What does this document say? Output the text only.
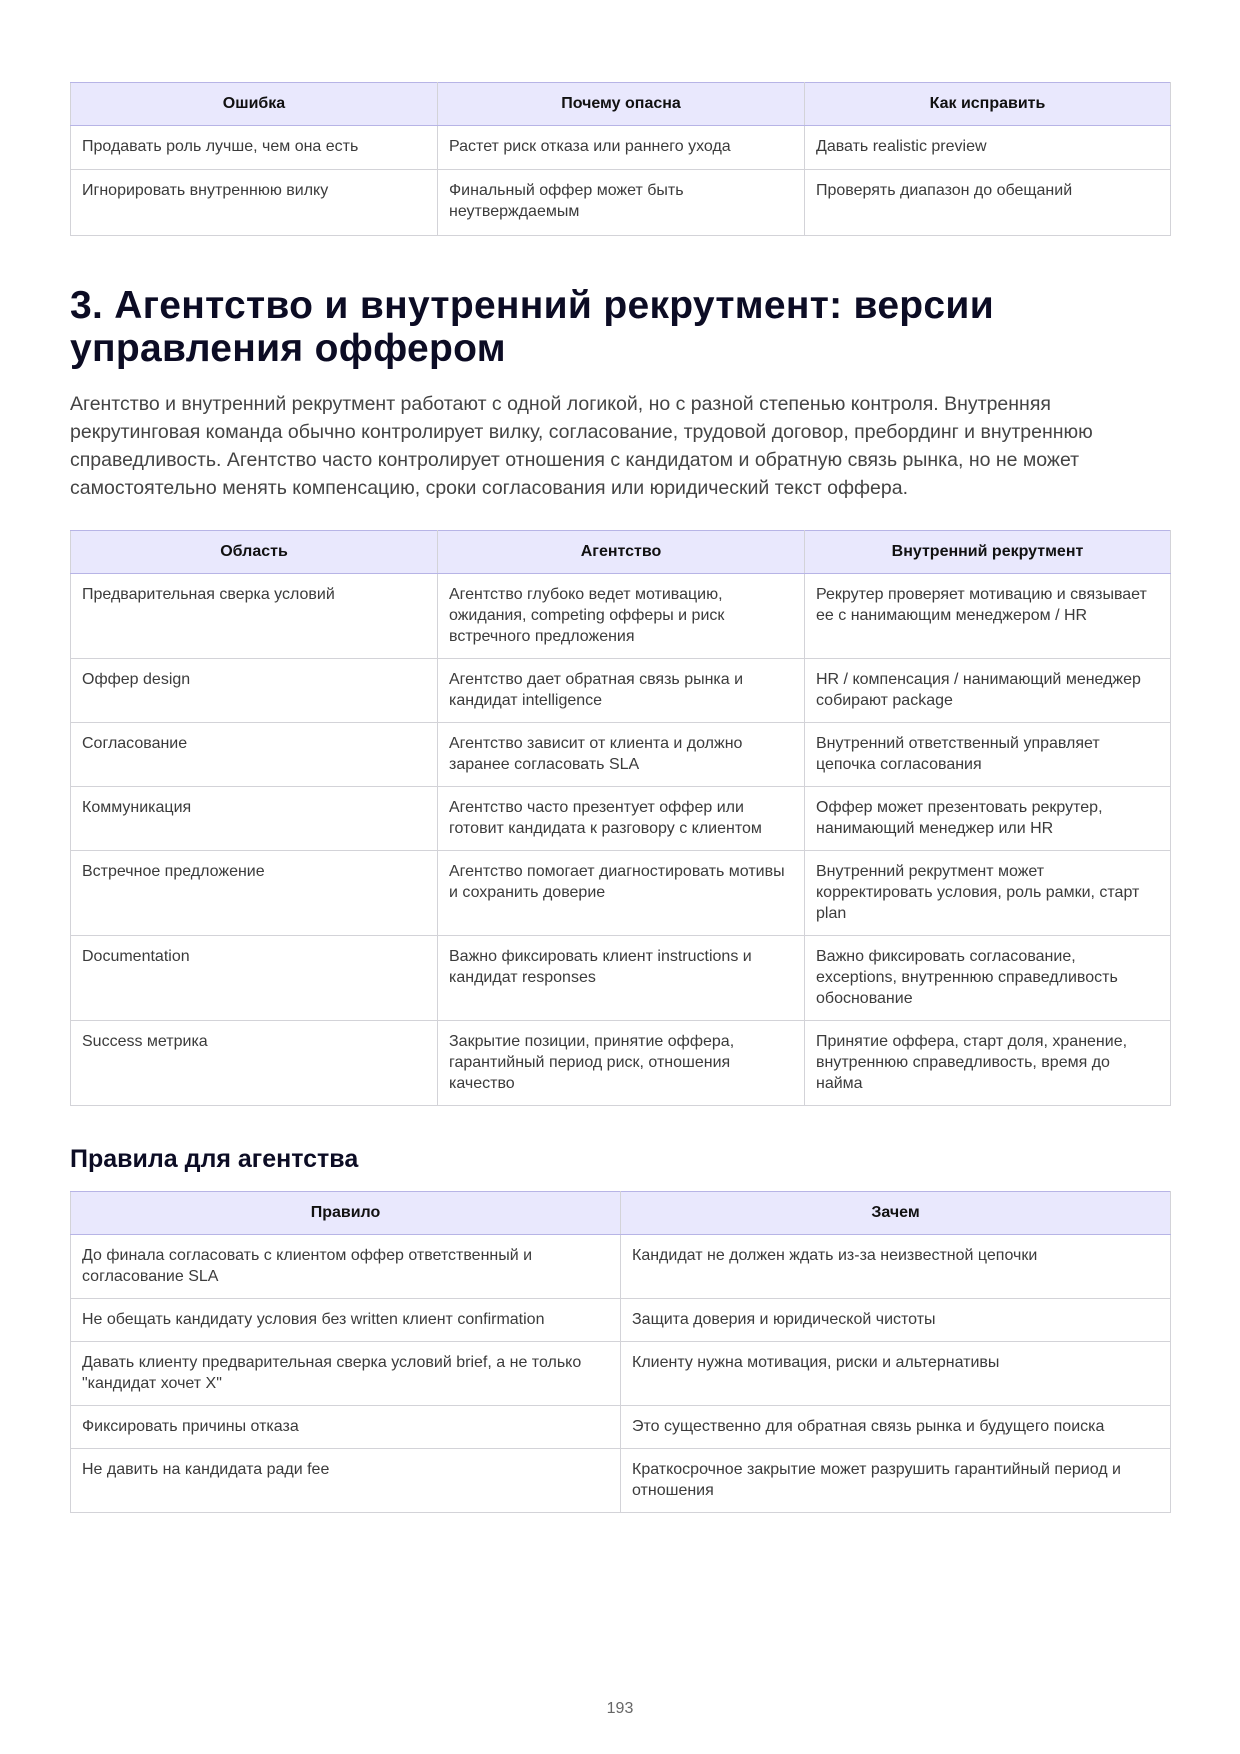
Ошибка	Почему опасна	Как исправить
Продавать роль лучше, чем она есть	Растет риск отказа или раннего ухода	Давать realistic preview
Игнорировать внутреннюю вилку	Финальный оффер может быть неутверждаемым	Проверять диапазон до обещаний
3. Агентство и внутренний рекрутмент: версии управления оффером

Агентство и внутренний рекрутмент работают с одной логикой, но с разной степенью контроля. Внутренняя рекрутинговая команда обычно контролирует вилку, согласование, трудовой договор, пребординг и внутреннюю справедливость. Агентство часто контролирует отношения с кандидатом и обратную связь рынка, но не может самостоятельно менять компенсацию, сроки согласования или юридический текст оффера.

Область	Агентство	Внутренний рекрутмент
Предварительная сверка условий	Агентство глубоко ведет мотивацию, ожидания, competing офферы и риск встречного предложения	Рекрутер проверяет мотивацию и связывает ее с нанимающим менеджером / HR
Оффер design	Агентство дает обратная связь рынка и кандидат intelligence	HR / компенсация / нанимающий менеджер собирают package
Согласование	Агентство зависит от клиента и должно заранее согласовать SLA	Внутренний ответственный управляет цепочка согласования
Коммуникация	Агентство часто презентует оффер или готовит кандидата к разговору с клиентом	Оффер может презентовать рекрутер, нанимающий менеджер или HR
Встречное предложение	Агентство помогает диагностировать мотивы и сохранить доверие	Внутренний рекрутмент может корректировать условия, роль рамки, старт plan
Documentation	Важно фиксировать клиент instructions и кандидат responses	Важно фиксировать согласование, exceptions, внутреннюю справедливость обоснование
Success метрика	Закрытие позиции, принятие оффера, гарантийный период риск, отношения качество	Принятие оффера, старт доля, хранение, внутреннюю справедливость, время до найма
Правила для агентства
Правило	Зачем
До финала согласовать с клиентом оффер ответственный и согласование SLA	Кандидат не должен ждать из-за неизвестной цепочки
Не обещать кандидату условия без written клиент confirmation	Защита доверия и юридической чистоты
Давать клиенту предварительная сверка условий brief, а не только "кандидат хочет X"	Клиенту нужна мотивация, риски и альтернативы
Фиксировать причины отказа	Это существенно для обратная связь рынка и будущего поиска
Не давить на кандидата ради fee	Краткосрочное закрытие может разрушить гарантийный период и отношения
193
